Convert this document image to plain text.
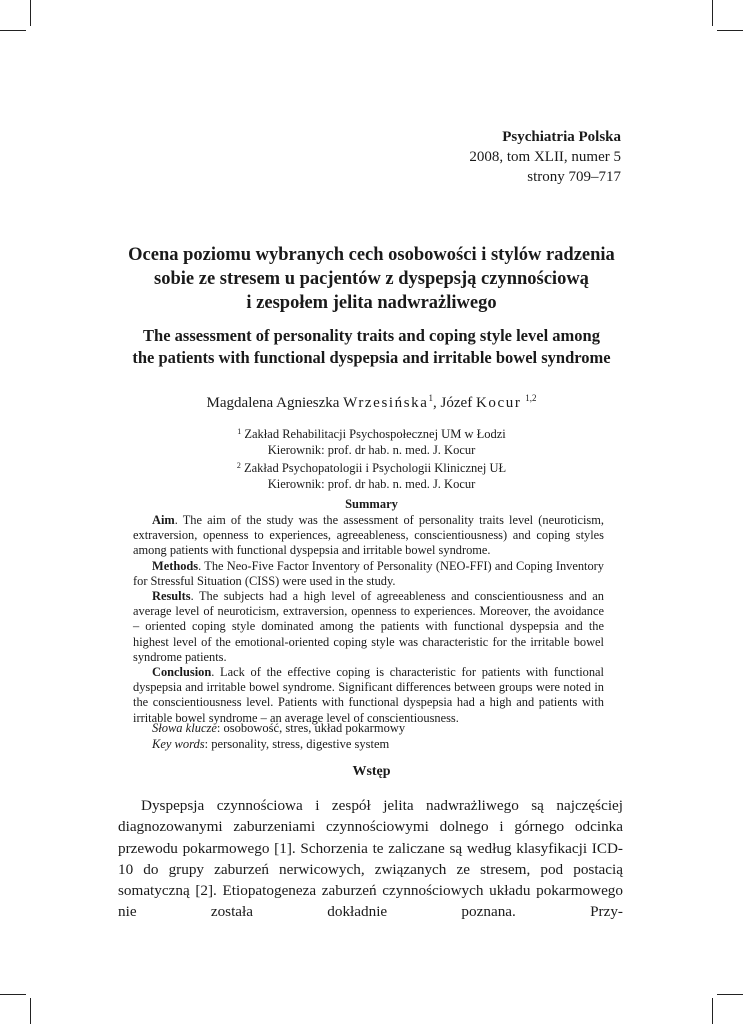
Psychiatria Polska
2008, tom XLII, numer 5
strony 709–717
Ocena poziomu wybranych cech osobowości i stylów radzenia
sobie ze stresem u pacjentów z dyspepsją czynnościową
i zespołem jelita nadwrażliwego
The assessment of personality traits and coping style level among
the patients with functional dyspepsia and irritable bowel syndrome
Magdalena Agnieszka Wrzesińska$^1$, Józef Kocur $^{1,2}$
$^1$ Zakład Rehabilitacji Psychospołecznej UM w Łodzi
Kierownik: prof. dr hab. n. med. J. Kocur
$^2$ Zakład Psychopatologii i Psychologii Klinicznej UŁ
Kierownik: prof. dr hab. n. med. J. Kocur
Summary

Aim. The aim of the study was the assessment of personality traits level (neuroticism, extraversion, openness to experiences, agreeableness, conscientiousness) and coping styles among patients with functional dyspepsia and irritable bowel syndrome.

Methods. The Neo-Five Factor Inventory of Personality (NEO-FFI) and Coping Inventory for Stressful Situation (CISS) were used in the study.

Results. The subjects had a high level of agreeableness and conscientiousness and an average level of neuroticism, extraversion, openness to experiences. Moreover, the avoidance – oriented coping style dominated among the patients with functional dyspepsia and the highest level of the emotional-oriented coping style was characteristic for the irritable bowel syndrome patients.

Conclusion. Lack of the effective coping is characteristic for patients with functional dyspepsia and irritable bowel syndrome. Significant differences between groups were noted in the conscientiousness level. Patients with functional dyspepsia had a high and patients with irritable bowel syndrome – an average level of conscientiousness.

Słowa klucze: osobowość, stres, układ pokarmowy
Key words: personality, stress, digestive system
Wstęp

Dyspepsja czynnościowa i zespół jelita nadwrażliwego są najczęściej diagnozowanymi zaburzeniami czynnościowymi dolnego i górnego odcinka przewodu pokarmowego [1]. Schorzenia te zaliczane są według klasyfikacji ICD-10 do grupy zaburzeń nerwicowych, związanych ze stresem, pod postacią somatyczną [2]. Etiopatogeneza zaburzeń czynnościowych układu pokarmowego nie została dokładnie poznana. Przy-
